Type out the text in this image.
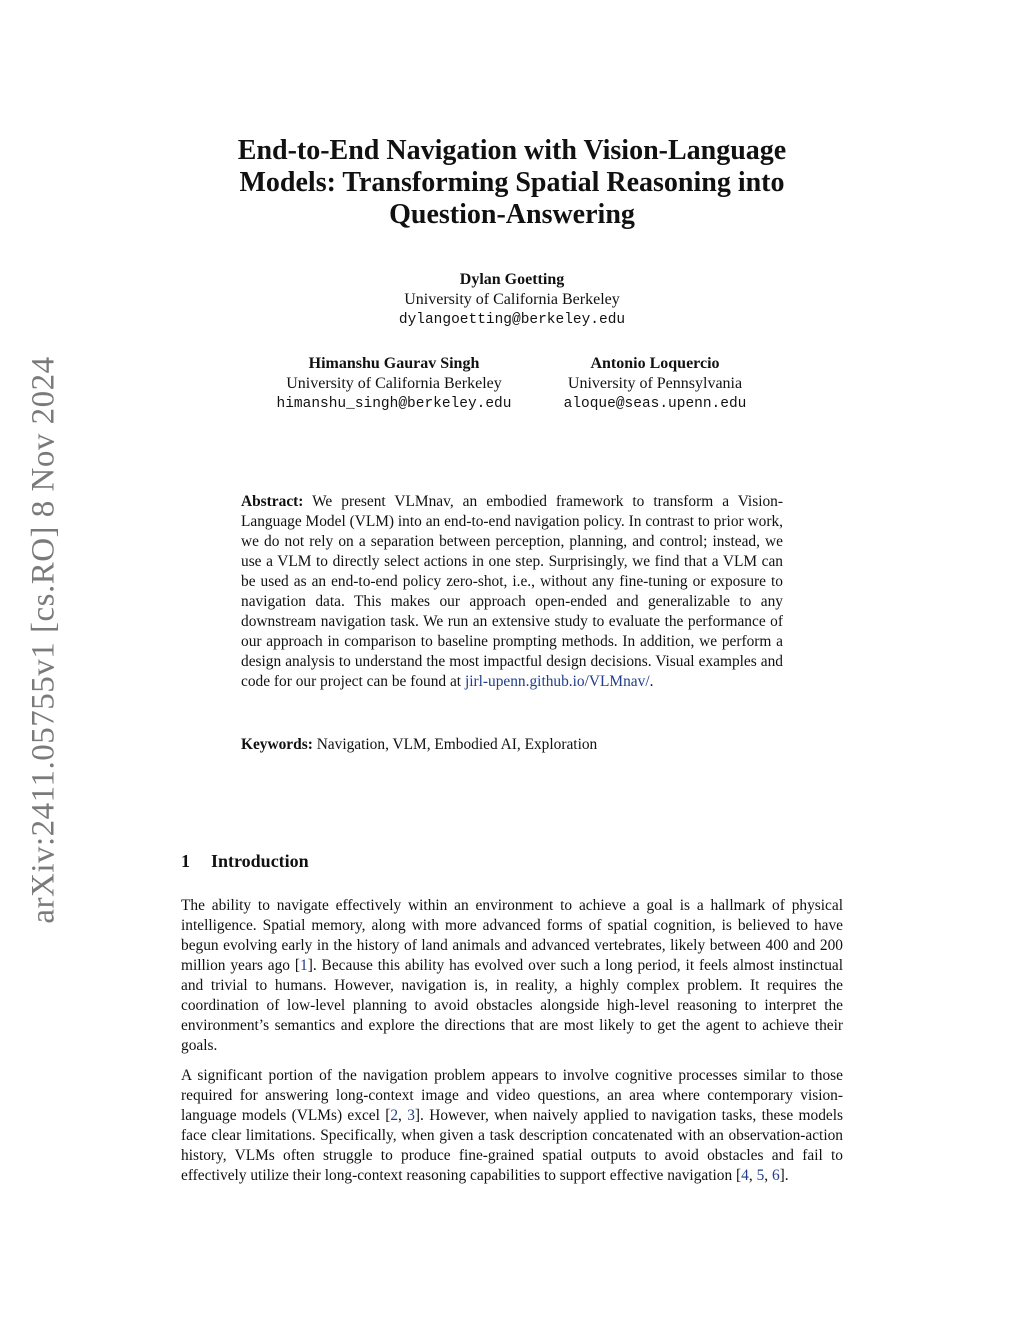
arXiv:2411.05755v1 [cs.RO] 8 Nov 2024
End-to-End Navigation with Vision-Language
Models: Transforming Spatial Reasoning into
Question-Answering
Dylan Goetting
University of California Berkeley
dylangoetting@berkeley.edu
Himanshu Gaurav Singh
University of California Berkeley
himanshu_singh@berkeley.edu
Antonio Loquercio
University of Pennsylvania
aloque@seas.upenn.edu
Abstract: We present VLMnav, an embodied framework to transform a Vision-Language Model (VLM) into an end-to-end navigation policy. In contrast to prior work, we do not rely on a separation between perception, planning, and control; instead, we use a VLM to directly select actions in one step. Surprisingly, we find that a VLM can be used as an end-to-end policy zero-shot, i.e., without any fine-tuning or exposure to navigation data. This makes our approach open-ended and generalizable to any downstream navigation task. We run an extensive study to evaluate the performance of our approach in comparison to baseline prompting methods. In addition, we perform a design analysis to understand the most impactful design decisions. Visual examples and code for our project can be found at jirl-upenn.github.io/VLMnav/.
Keywords: Navigation, VLM, Embodied AI, Exploration
1 Introduction
The ability to navigate effectively within an environment to achieve a goal is a hallmark of physical intelligence. Spatial memory, along with more advanced forms of spatial cognition, is believed to have begun evolving early in the history of land animals and advanced vertebrates, likely between 400 and 200 million years ago [1]. Because this ability has evolved over such a long period, it feels almost instinctual and trivial to humans. However, navigation is, in reality, a highly complex problem. It requires the coordination of low-level planning to avoid obstacles alongside high-level reasoning to interpret the environment’s semantics and explore the directions that are most likely to get the agent to achieve their goals.
A significant portion of the navigation problem appears to involve cognitive processes similar to those required for answering long-context image and video questions, an area where contemporary vision-language models (VLMs) excel [2, 3]. However, when naively applied to navigation tasks, these models face clear limitations. Specifically, when given a task description concatenated with an observation-action history, VLMs often struggle to produce fine-grained spatial outputs to avoid obstacles and fail to effectively utilize their long-context reasoning capabilities to support effective navigation [4, 5, 6].
